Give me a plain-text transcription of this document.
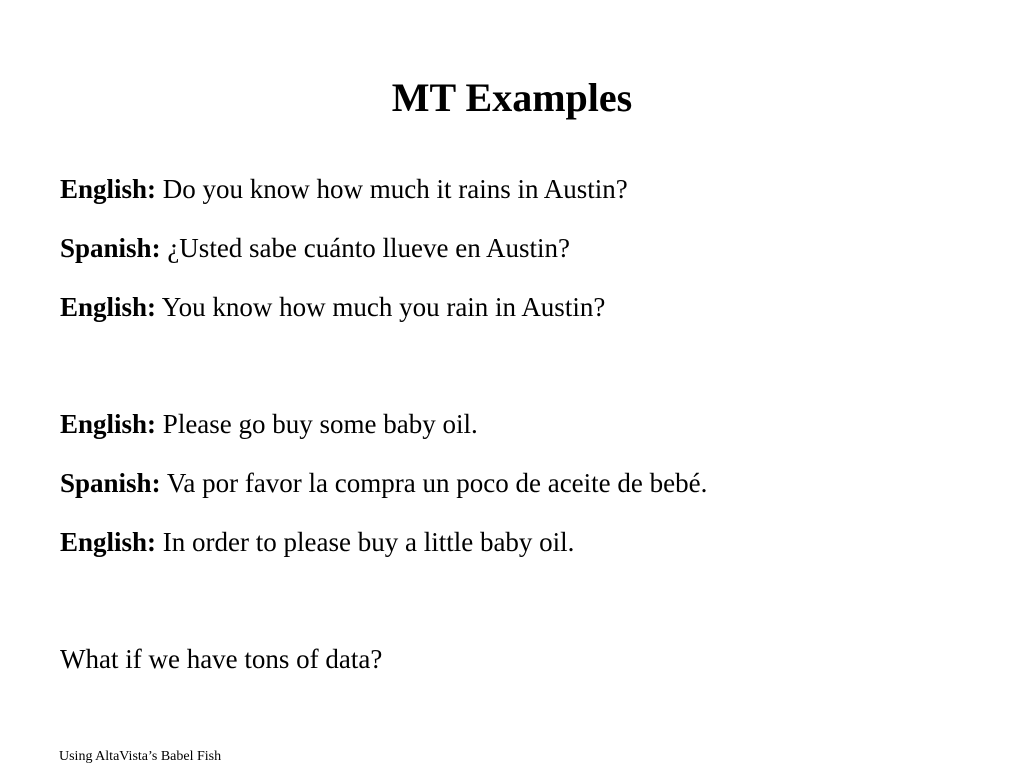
MT Examples
English: Do you know how much it rains in Austin?
Spanish: ¿Usted sabe cuánto llueve en Austin?
English: You know how much you rain in Austin?
English: Please go buy some baby oil.
Spanish: Va por favor la compra un poco de aceite de bebé.
English: In order to please buy a little baby oil.
What if we have tons of data?
Using AltaVista’s Babel Fish
